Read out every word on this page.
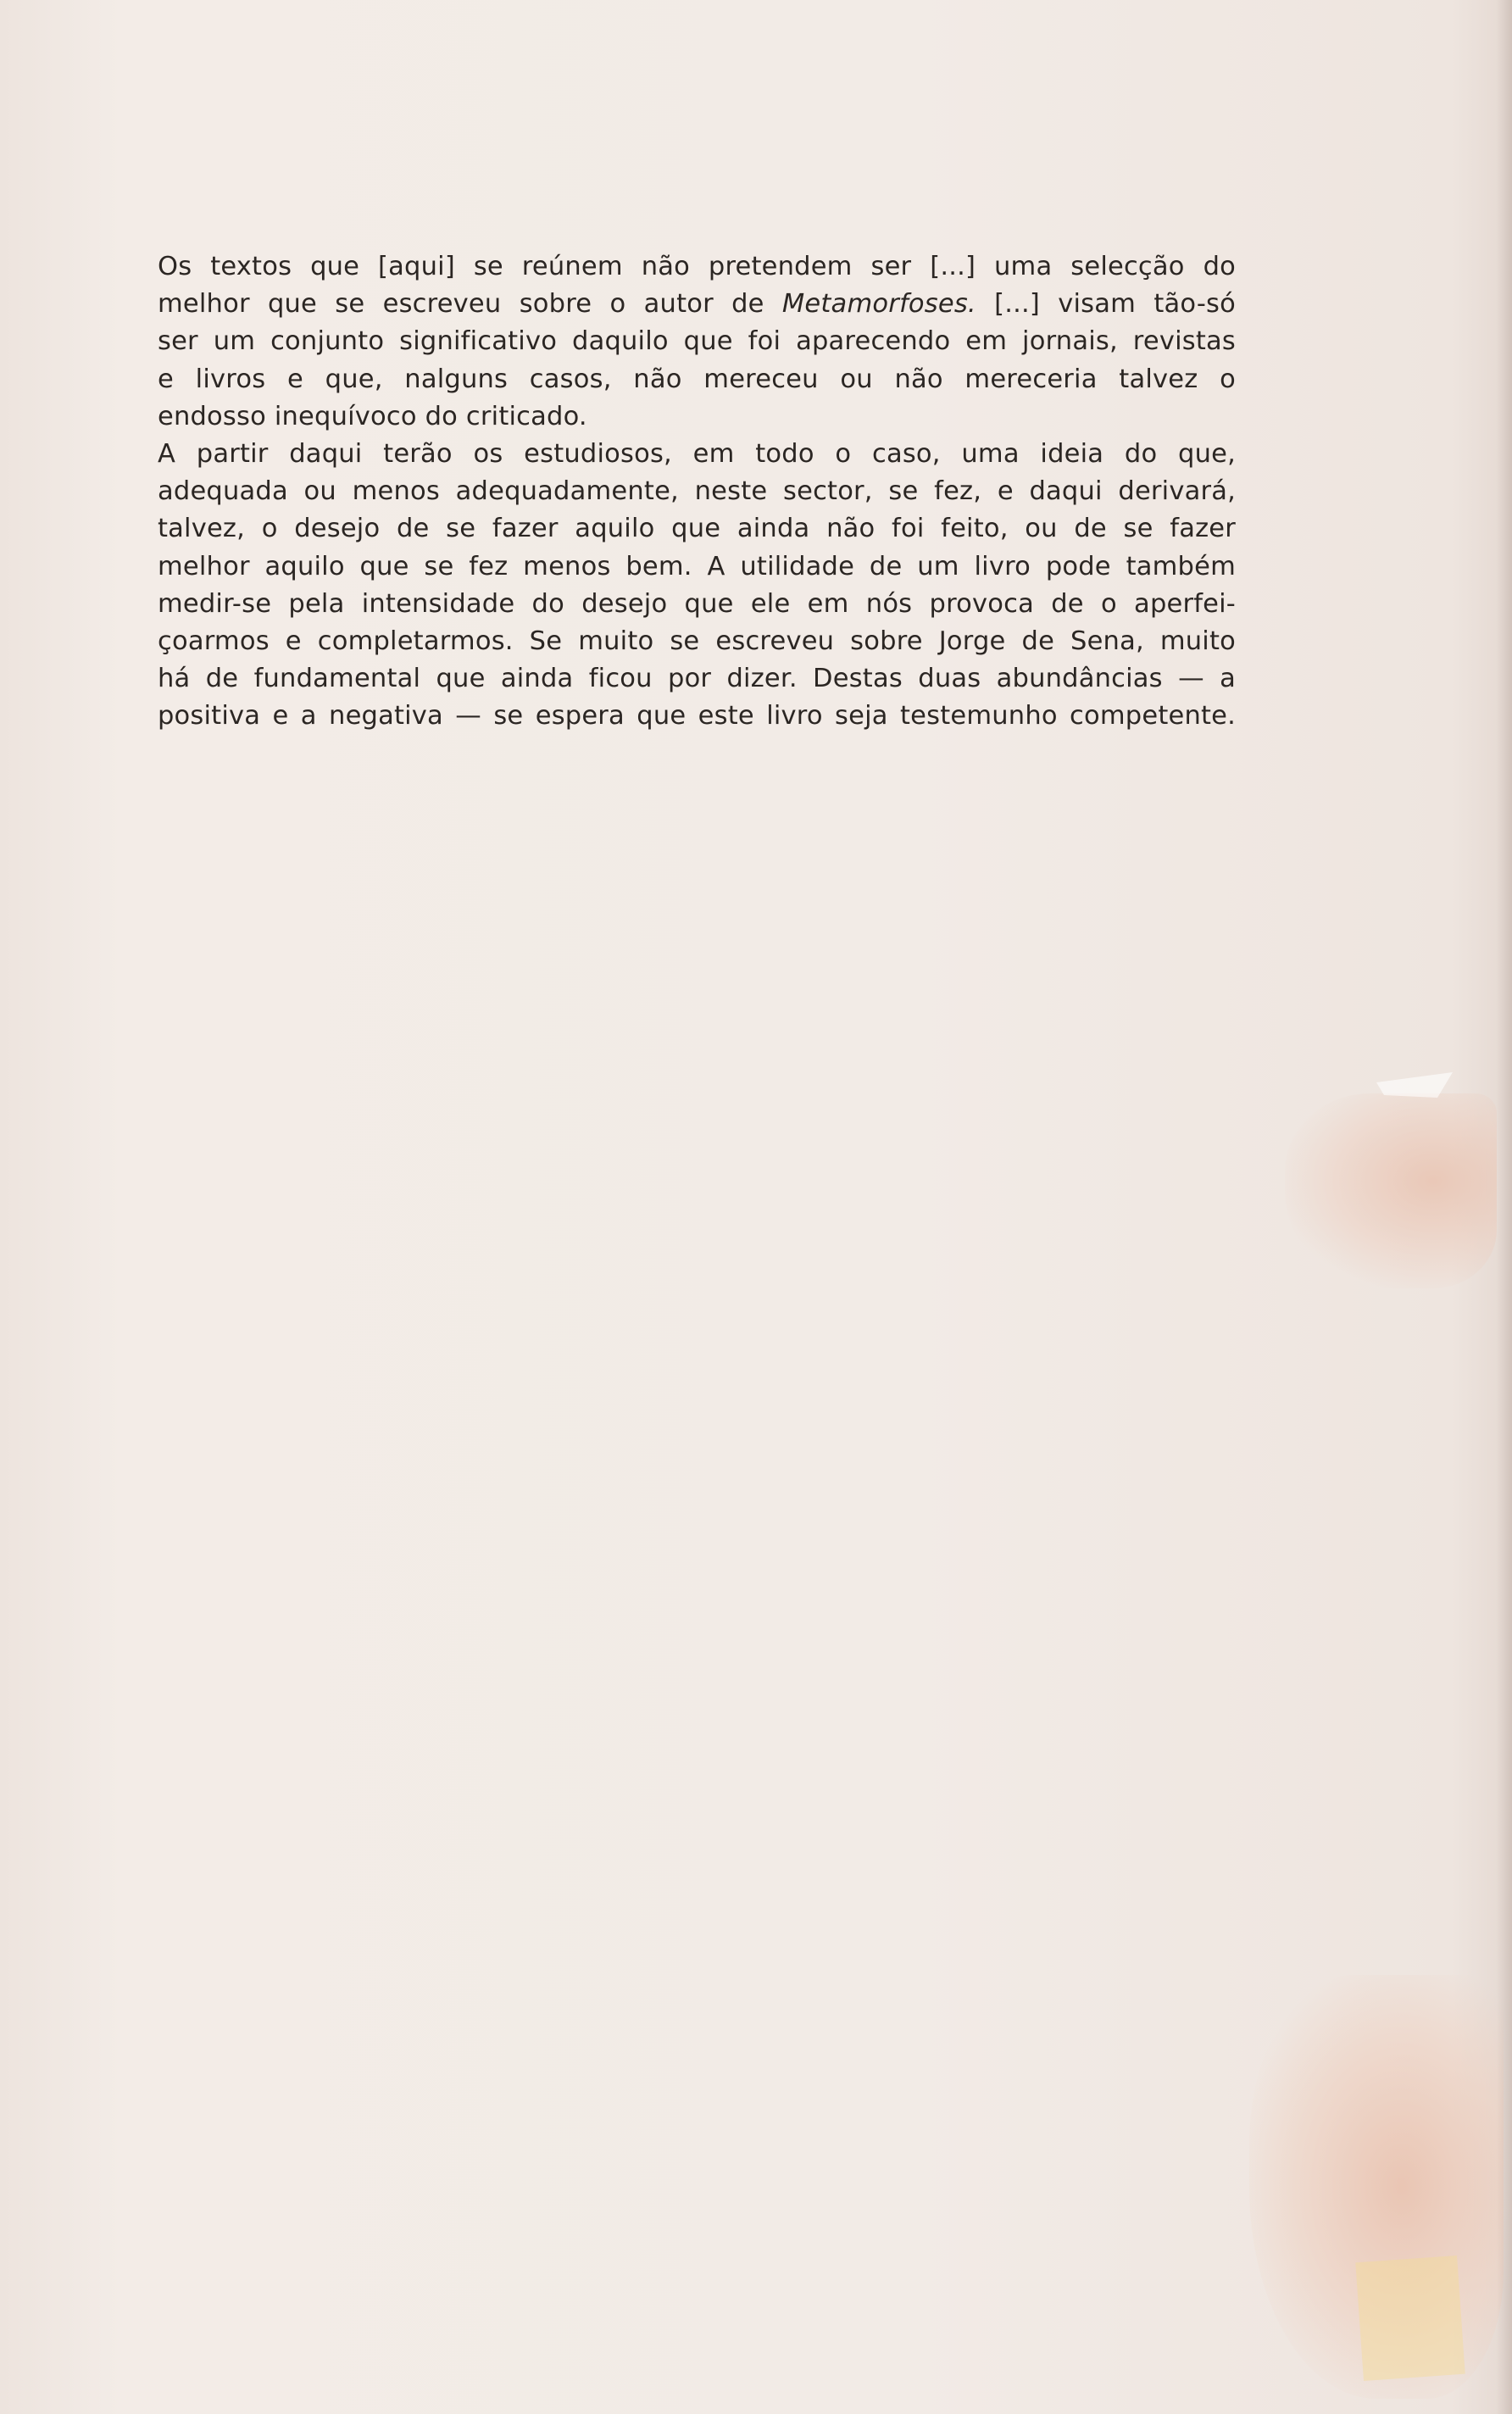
Os textos que [aqui] se reúnem não pretendem ser [...] uma selecção do
melhor que se escreveu sobre o autor de Metamorfoses. [...] visam tão-só
ser um conjunto significativo daquilo que foi aparecendo em jornais, revistas
e livros e que, nalguns casos, não mereceu ou não mereceria talvez o
endosso inequívoco do criticado.

A partir daqui terão os estudiosos, em todo o caso, uma ideia do que,
adequada ou menos adequadamente, neste sector, se fez, e daqui derivará,
talvez, o desejo de se fazer aquilo que ainda não foi feito, ou de se fazer
melhor aquilo que se fez menos bem. A utilidade de um livro pode também
medir-se pela intensidade do desejo que ele em nós provoca de o aperfei-
çoarmos e completarmos. Se muito se escreveu sobre Jorge de Sena, muito
há de fundamental que ainda ficou por dizer. Destas duas abundâncias — a
positiva e a negativa — se espera que este livro seja testemunho competente.
